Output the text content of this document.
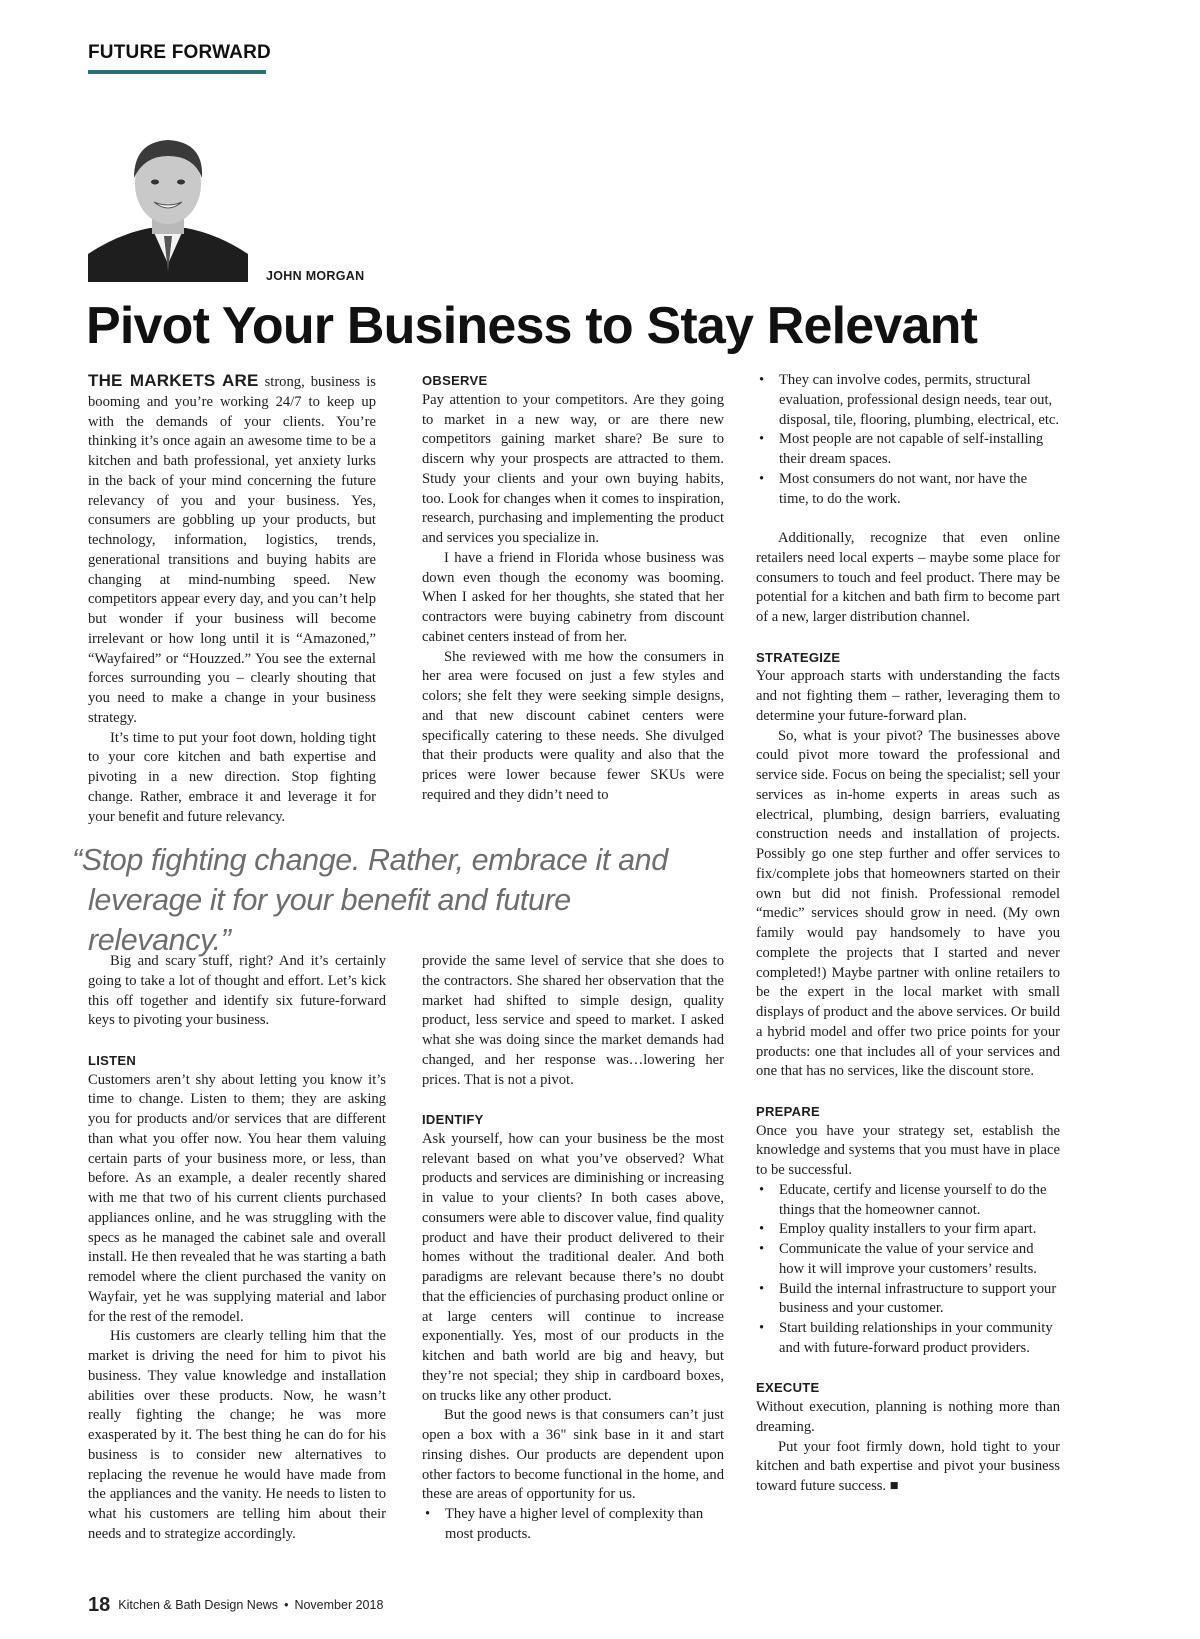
FUTURE FORWARD
JOHN MORGAN
Pivot Your Business to Stay Relevant

THE MARKETS ARE strong, business is booming and you’re working 24/7 to keep up with the demands of your clients. You’re thinking it’s once again an awesome time to be a kitchen and bath professional, yet anxiety lurks in the back of your mind concerning the future relevancy of you and your business. Yes, consumers are gobbling up your products, but technology, information, logistics, trends, generational transitions and buying habits are changing at mind-numbing speed. New competitors appear every day, and you can’t help but wonder if your business will become irrelevant or how long until it is “Amazoned,” “Wayfaired” or “Houzzed.” You see the external forces surrounding you – clearly shouting that you need to make a change in your business strategy.

It’s time to put your foot down, holding tight to your core kitchen and bath expertise and pivoting in a new direction. Stop fighting change. Rather, embrace it and leverage it for your benefit and future relevancy.

OBSERVE

Pay attention to your competitors. Are they going to market in a new way, or are there new competitors gaining market share? Be sure to discern why your prospects are attracted to them. Study your clients and your own buying habits, too. Look for changes when it comes to inspiration, research, purchasing and implementing the product and services you specialize in.

I have a friend in Florida whose business was down even though the economy was booming. When I asked for her thoughts, she stated that her contractors were buying cabinetry from discount cabinet centers instead of from her.

She reviewed with me how the consumers in her area were focused on just a few styles and colors; she felt they were seeking simple designs, and that new discount cabinet centers were specifically catering to these needs. She divulged that their products were quality and also that the prices were lower because fewer SKUs were required and they didn’t need to

“Stop fighting change. Rather, embrace it and
leverage it for your benefit and future relevancy.”

Big and scary stuff, right? And it’s certainly going to take a lot of thought and effort. Let’s kick this off together and identify six future-forward keys to pivoting your business.

LISTEN

Customers aren’t shy about letting you know it’s time to change. Listen to them; they are asking you for products and/or services that are different than what you offer now. You hear them valuing certain parts of your business more, or less, than before. As an example, a dealer recently shared with me that two of his current clients purchased appliances online, and he was struggling with the specs as he managed the cabinet sale and overall install. He then revealed that he was starting a bath remodel where the client purchased the vanity on Wayfair, yet he was supplying material and labor for the rest of the remodel.

His customers are clearly telling him that the market is driving the need for him to pivot his business. They value knowledge and installation abilities over these products. Now, he wasn’t really fighting the change; he was more exasperated by it. The best thing he can do for his business is to consider new alternatives to replacing the revenue he would have made from the appliances and the vanity. He needs to listen to what his customers are telling him about their needs and to strategize accordingly.

provide the same level of service that she does to the contractors. She shared her observation that the market had shifted to simple design, quality product, less service and speed to market. I asked what she was doing since the market demands had changed, and her response was…lowering her prices. That is not a pivot.

IDENTIFY

Ask yourself, how can your business be the most relevant based on what you’ve observed? What products and services are diminishing or increasing in value to your clients? In both cases above, consumers were able to discover value, find quality product and have their product delivered to their homes without the traditional dealer. And both paradigms are relevant because there’s no doubt that the efficiencies of purchasing product online or at large centers will continue to increase exponentially. Yes, most of our products in the kitchen and bath world are big and heavy, but they’re not special; they ship in cardboard boxes, on trucks like any other product.

But the good news is that consumers can’t just open a box with a 36" sink base in it and start rinsing dishes. Our products are dependent upon other factors to become functional in the home, and these are areas of opportunity for us.

• They have a higher level of complexity than most products.
• They can involve codes, permits, structural evaluation, professional design needs, tear out, disposal, tile, flooring, plumbing, electrical, etc.
• Most people are not capable of self-installing their dream spaces.
• Most consumers do not want, nor have the time, to do the work.

Additionally, recognize that even online retailers need local experts – maybe some place for consumers to touch and feel product. There may be potential for a kitchen and bath firm to become part of a new, larger distribution channel.

STRATEGIZE

Your approach starts with understanding the facts and not fighting them – rather, leveraging them to determine your future-forward plan.

So, what is your pivot? The businesses above could pivot more toward the professional and service side. Focus on being the specialist; sell your services as in-home experts in areas such as electrical, plumbing, design barriers, evaluating construction needs and installation of projects. Possibly go one step further and offer services to fix/complete jobs that homeowners started on their own but did not finish. Professional remodel “medic” services should grow in need. (My own family would pay handsomely to have you complete the projects that I started and never completed!) Maybe partner with online retailers to be the expert in the local market with small displays of product and the above services. Or build a hybrid model and offer two price points for your products: one that includes all of your services and one that has no services, like the discount store.

PREPARE

Once you have your strategy set, establish the knowledge and systems that you must have in place to be successful.

• Educate, certify and license yourself to do the things that the homeowner cannot.
• Employ quality installers to your firm apart.
• Communicate the value of your service and how it will improve your customers’ results.
• Build the internal infrastructure to support your business and your customer.
• Start building relationships in your community and with future-forward product providers.
EXECUTE

Without execution, planning is nothing more than dreaming.

Put your foot firmly down, hold tight to your kitchen and bath expertise and pivot your business toward future success. ■

18 Kitchen & Bath Design News • November 2018
